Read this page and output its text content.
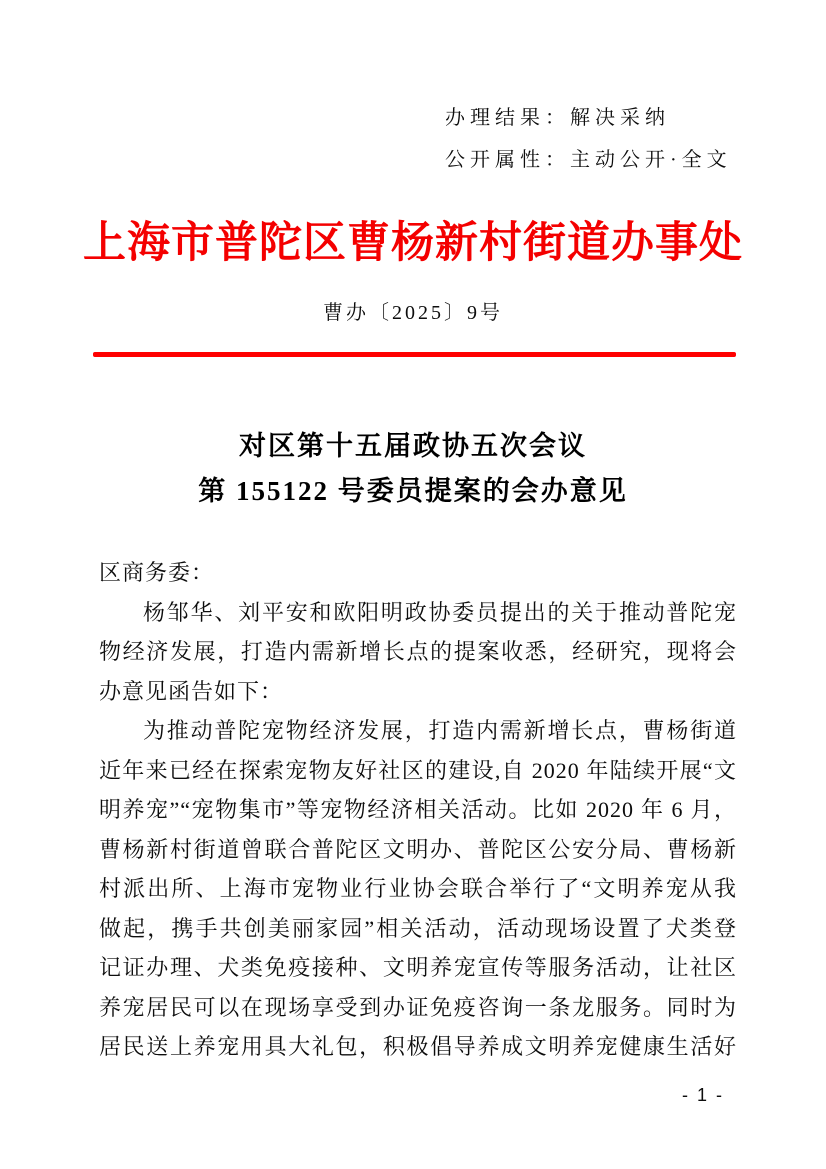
办理结果：解决采纳
公开属性：主动公开·全文
上海市普陀区曹杨新村街道办事处
曹办〔2025〕9号
对区第十五届政协五次会议
第 155122 号委员提案的会办意见
区商务委：
杨邹华、刘平安和欧阳明政协委员提出的关于推动普陀宠
物经济发展，打造内需新增长点的提案收悉，经研究，现将会
办意见函告如下：
为推动普陀宠物经济发展，打造内需新增长点，曹杨街道
近年来已经在探索宠物友好社区的建设,自 2020 年陆续开展“文
明养宠”“宠物集市”等宠物经济相关活动。比如 2020 年 6 月，
曹杨新村街道曾联合普陀区文明办、普陀区公安分局、曹杨新
村派出所、上海市宠物业行业协会联合举行了“文明养宠从我
做起，携手共创美丽家园”相关活动，活动现场设置了犬类登
记证办理、犬类免疫接种、文明养宠宣传等服务活动，让社区
养宠居民可以在现场享受到办证免疫咨询一条龙服务。同时为
居民送上养宠用具大礼包，积极倡导养成文明养宠健康生活好
- 1 -
